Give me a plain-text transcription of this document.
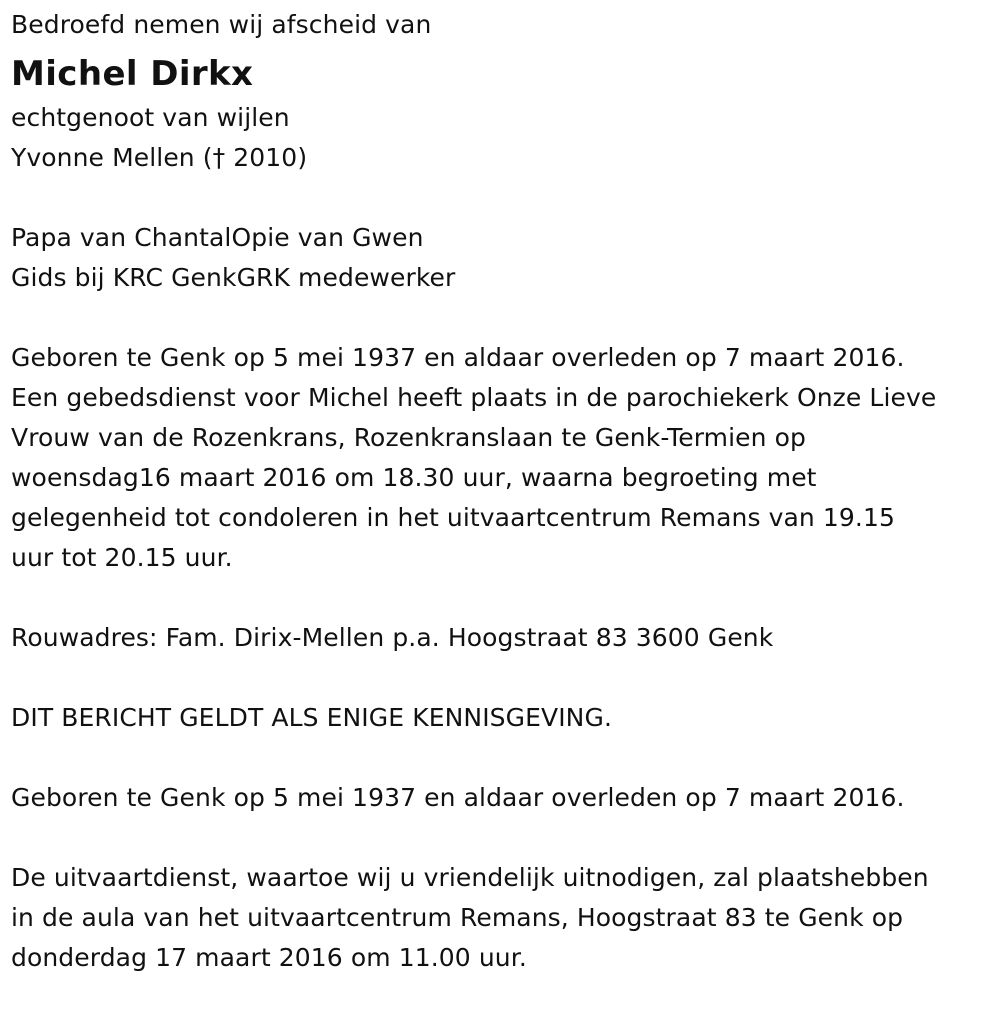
Bedroefd nemen wij afscheid van
Michel Dirkx
echtgenoot van wijlen
Yvonne Mellen († 2010)
Papa van ChantalOpie van Gwen
Gids bij KRC GenkGRK medewerker
Geboren te Genk op 5 mei 1937 en aldaar overleden op 7 maart 2016.
Een gebedsdienst voor Michel heeft plaats in de parochiekerk Onze Lieve
Vrouw van de Rozenkrans, Rozenkranslaan te Genk-Termien op
woensdag16 maart 2016 om 18.30 uur, waarna begroeting met
gelegenheid tot condoleren in het uitvaartcentrum Remans van 19.15
uur tot 20.15 uur.
Rouwadres: Fam. Dirix-Mellen p.a. Hoogstraat 83 3600 Genk
DIT BERICHT GELDT ALS ENIGE KENNISGEVING.
Geboren te Genk op 5 mei 1937 en aldaar overleden op 7 maart 2016.
De uitvaartdienst, waartoe wij u vriendelijk uitnodigen, zal plaatshebben
in de aula van het uitvaartcentrum Remans, Hoogstraat 83 te Genk op
donderdag 17 maart 2016 om 11.00 uur.
